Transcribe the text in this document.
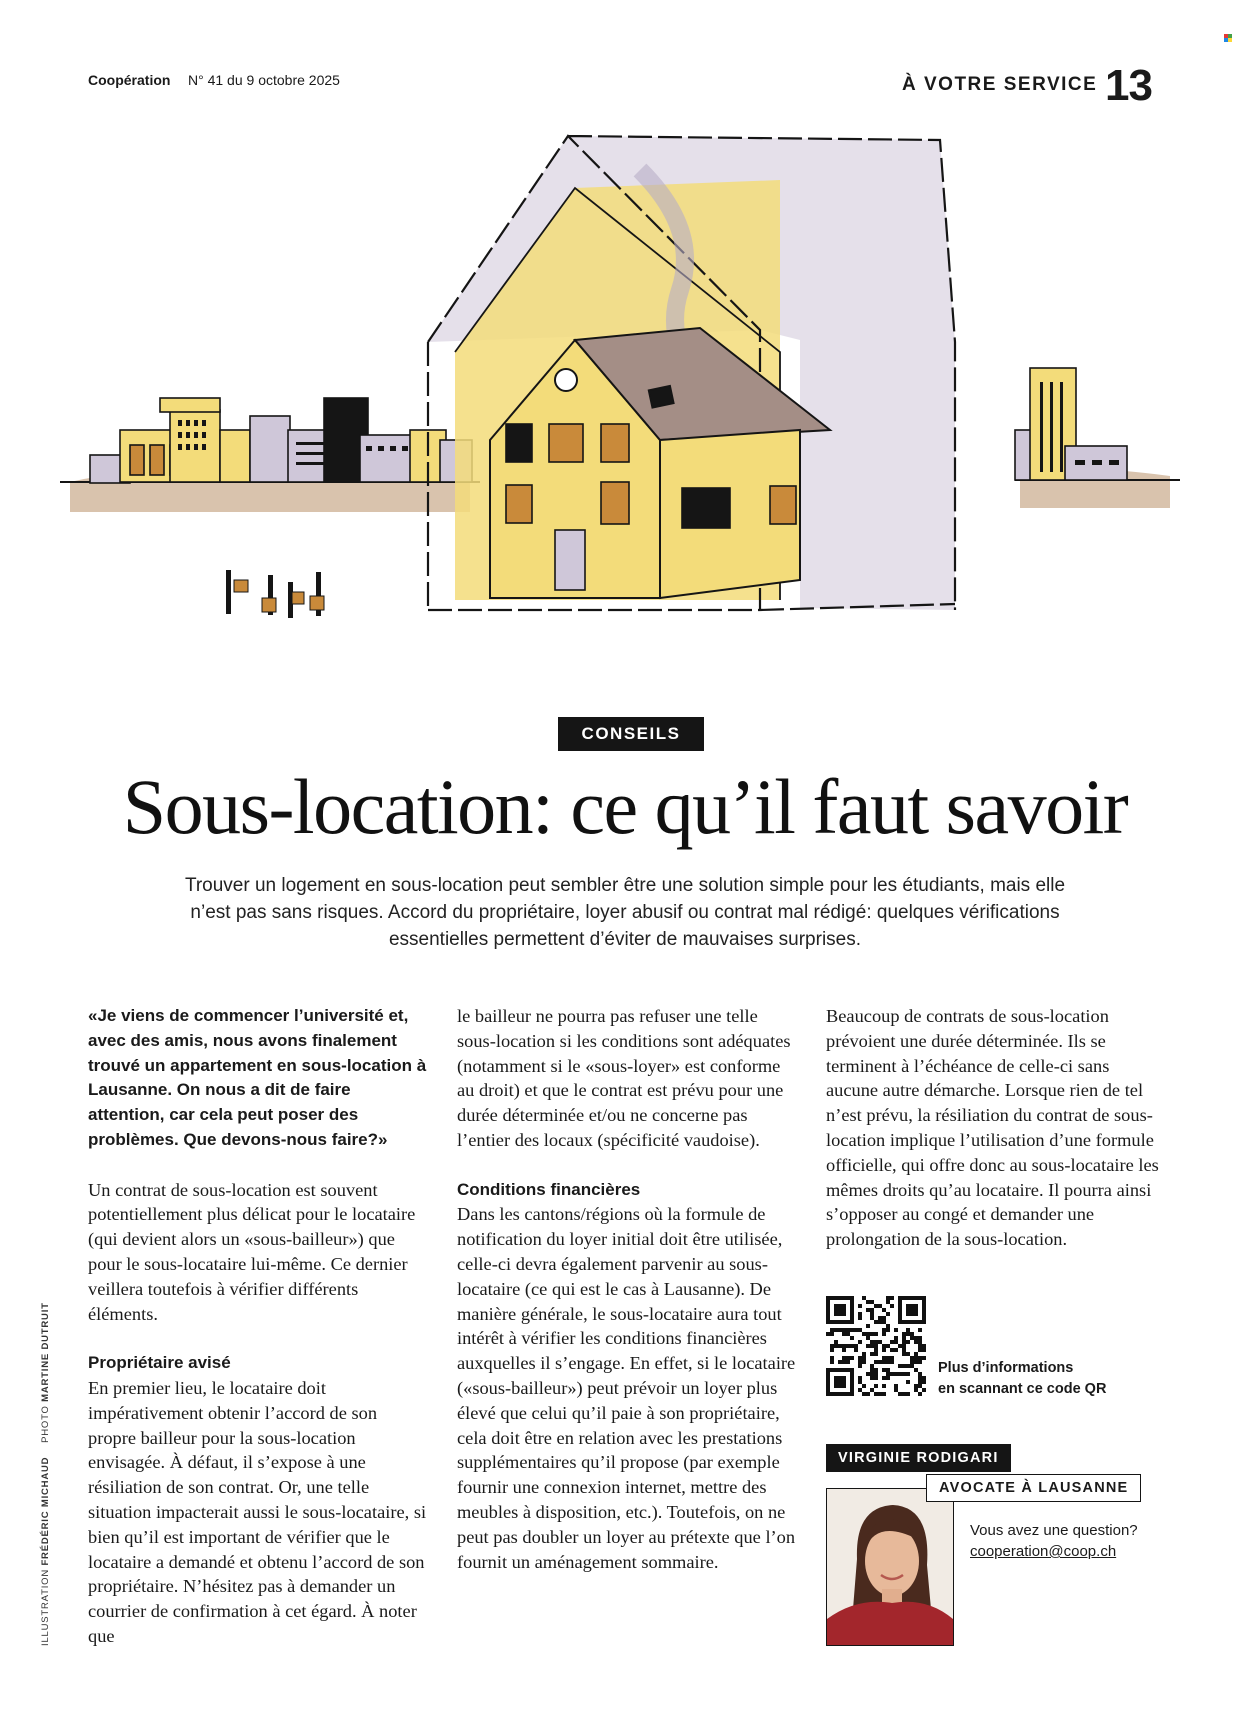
Coopération N° 41 du 9 octobre 2025	À VOTRE SERVICE 13
CONSEILS
Sous-location: ce qu’il faut savoir
Trouver un logement en sous-location peut sembler être une solution simple pour les étudiants, mais elle n’est pas sans risques. Accord du propriétaire, loyer abusif ou contrat mal rédigé: quelques vérifications essentielles permettent d’éviter de mauvaises surprises.

«Je viens de commencer l’université et, avec des amis, nous avons finalement trouvé un appartement en sous-location à Lausanne. On nous a dit de faire attention, car cela peut poser des problèmes. Que devons-nous faire?»

Un contrat de sous-location est souvent potentiellement plus délicat pour le locataire (qui devient alors un «sous-bailleur») que pour le sous-locataire lui-même. Ce dernier veillera toutefois à vérifier différents éléments.

Propriétaire avisé

En premier lieu, le locataire doit impérativement obtenir l’accord de son propre bailleur pour la sous-location envisagée. À défaut, il s’expose à une résiliation de son contrat. Or, une telle situation impacterait aussi le sous-locataire, si bien qu’il est important de vérifier que le locataire a demandé et obtenu l’accord de son propriétaire. N’hésitez pas à demander un courrier de confirmation à cet égard. À noter que

le bailleur ne pourra pas refuser une telle sous-location si les conditions sont adéquates (notamment si le «sous-loyer» est conforme au droit) et que le contrat est prévu pour une durée déterminée et/ou ne concerne pas l’entier des locaux (spécificité vaudoise).

Conditions financières

Dans les cantons/régions où la formule de notification du loyer initial doit être utilisée, celle-ci devra également parvenir au sous-locataire (ce qui est le cas à Lausanne). De manière générale, le sous-locataire aura tout intérêt à vérifier les conditions financières auxquelles il s’engage. En effet, si le locataire («sous-bailleur») peut prévoir un loyer plus élevé que celui qu’il paie à son propriétaire, cela doit être en relation avec les prestations supplémentaires qu’il propose (par exemple fournir une connexion internet, mettre des meubles à disposition, etc.). Toutefois, on ne peut pas doubler un loyer au prétexte que l’on fournit un aménagement sommaire.

Beaucoup de contrats de sous-location prévoient une durée déterminée. Ils se terminent à l’échéance de celle-ci sans aucune autre démarche. Lorsque rien de tel n’est prévu, la résiliation du contrat de sous-location implique l’utilisation d’une formule officielle, qui offre donc au sous-locataire les mêmes droits qu’au locataire. Il pourra ainsi s’opposer au congé et demander une prolongation de la sous-location.

Plus d’informations
en scannant ce code QR
VIRGINIE RODIGARI
AVOCATE À LAUSANNE
Vous avez une question?
cooperation@coop.ch
ILLUSTRATION FRÉDÉRIC MICHAUD    PHOTO MARTINE DUTRUIT
